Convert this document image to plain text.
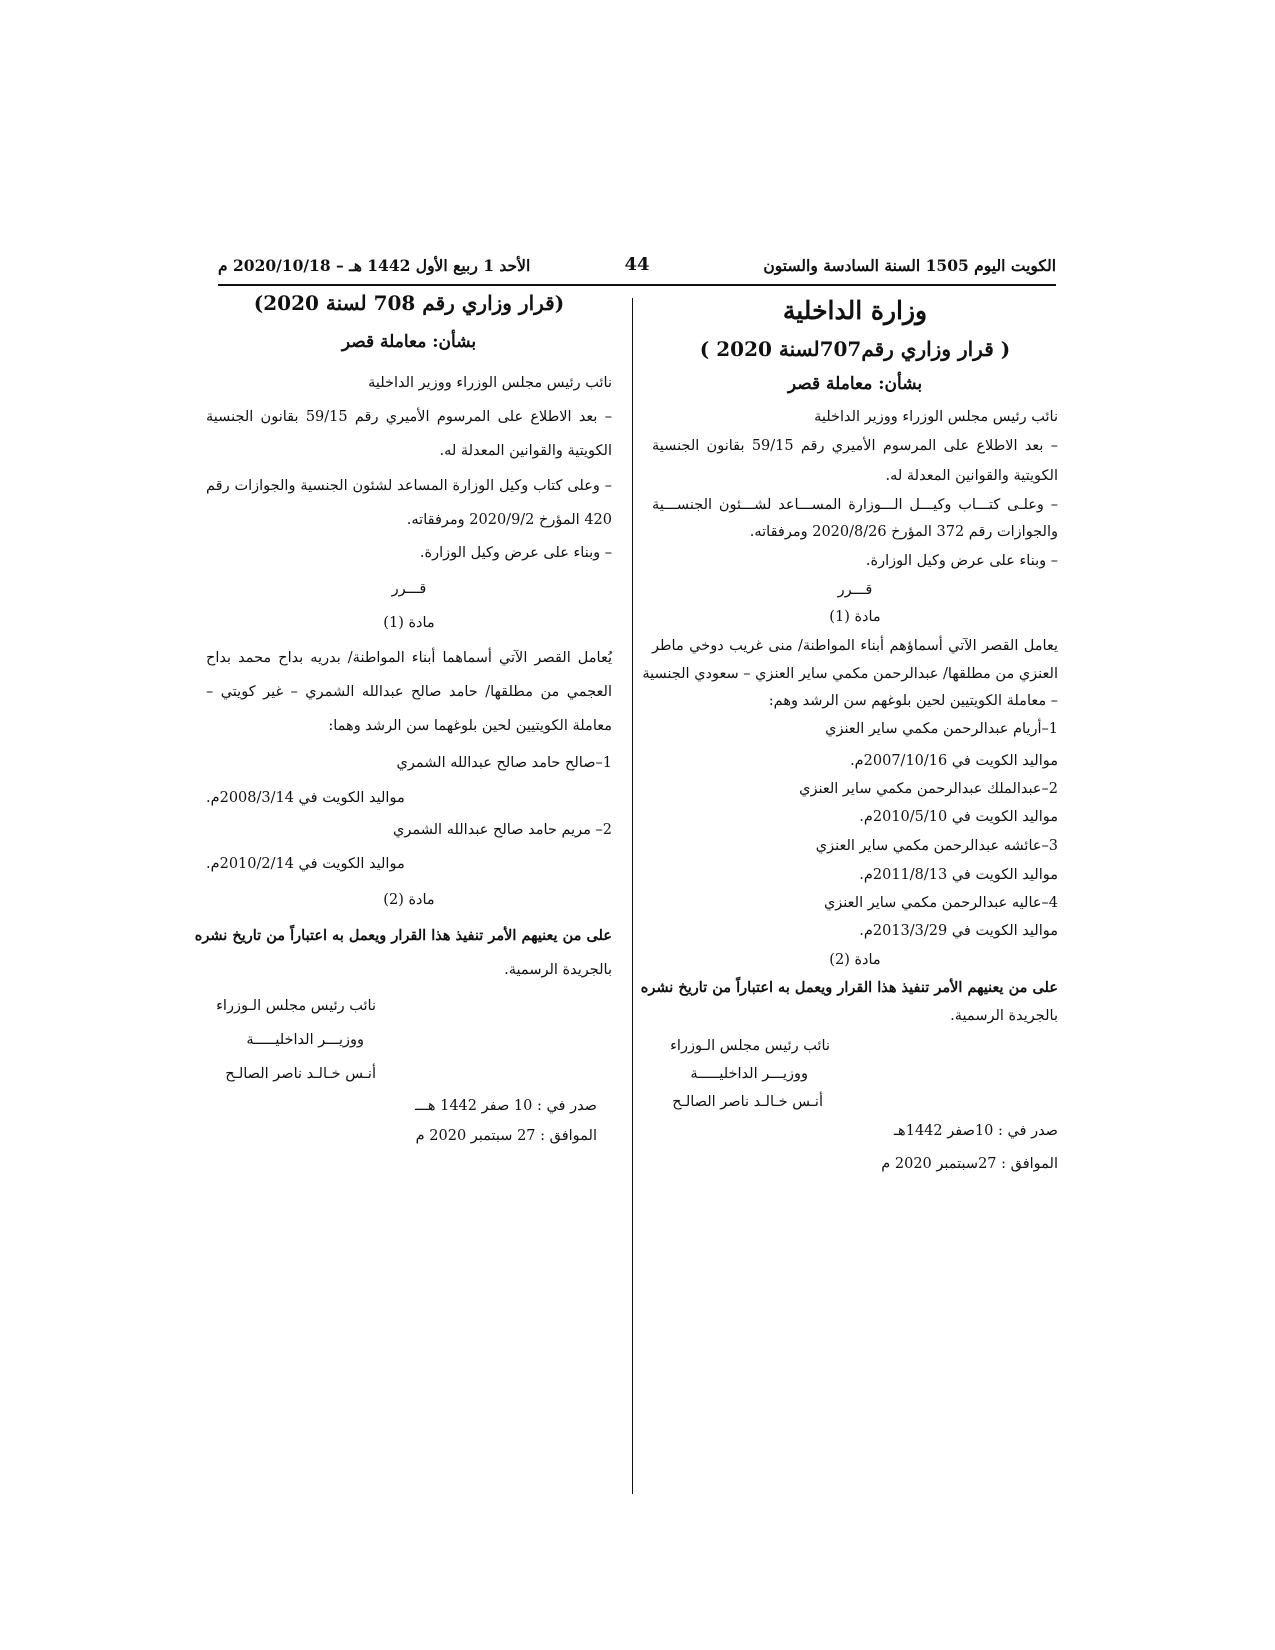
الكويت اليوم 1505 السنة السادسة والستون
44
الأحد 1 ربيع الأول 1442 هـ – 2020/10/18 م
وزارة الداخلية
( قرار وزاري رقم707لسنة 2020 )
بشأن: معاملة قصر
نائب رئيس مجلس الوزراء ووزير الداخلية
– بعد الاطلاع على المرسوم الأميري رقم 59/15 بقانون الجنسية
الكويتية والقوانين المعدلة له.
– وعلـى كتـــاب وكيـــل الـــوزارة المســـاعد لشـــئون الجنســـية
والجوازات رقم 372 المؤرخ 2020/8/26 ومرفقاته.
– وبناء على عرض وكيل الوزارة.
قـــرر
مادة (1)
يعامل القصر الآتي أسماؤهم أبناء المواطنة/ منى غريب دوخي ماطر
العنزي من مطلقها/ عبدالرحمن مكمي ساير العنزي – سعودي الجنسية
– معاملة الكويتيين لحين بلوغهم سن الرشد وهم:
1–أريام عبدالرحمن مكمي ساير العنزي
مواليد الكويت في 2007/10/16م.
2–عبدالملك عبدالرحمن مكمي ساير العنزي
مواليد الكويت في 2010/5/10م.
3–عائشه عبدالرحمن مكمي ساير العنزي
مواليد الكويت في 2011/8/13م.
4–عاليه عبدالرحمن مكمي ساير العنزي
مواليد الكويت في 2013/3/29م.
مادة (2)
على من يعنيهم الأمر تنفيذ هذا القرار ويعمل به اعتباراً من تاريخ نشره
بالجريدة الرسمية.
نائب رئيس مجلس الـوزراء
ووزيـــر الداخليـــــة
أنـس خـالـد ناصر الصالـح
صدر في : 10صفر 1442هـ
الموافق : 27سبتمبر 2020 م
(قرار وزاري رقم 708 لسنة 2020)
بشأن: معاملة قصر
نائب رئيس مجلس الوزراء ووزير الداخلية
– بعد الاطلاع على المرسوم الأميري رقم 59/15 بقانون الجنسية
الكويتية والقوانين المعدلة له.
– وعلى كتاب وكيل الوزارة المساعد لشئون الجنسية والجوازات رقم
420 المؤرخ 2020/9/2 ومرفقاته.
– وبناء على عرض وكيل الوزارة.
قـــرر
مادة (1)
يُعامل القصر الآتي أسماهما أبناء المواطنة/ بدريه بداح محمد بداح
العجمي من مطلقها/ حامد صالح عبدالله الشمري – غير كويتي –
معاملة الكويتيين لحين بلوغهما سن الرشد وهما:
1–صالح حامد صالح عبدالله الشمري
مواليد الكويت في 2008/3/14م.
2– مريم حامد صالح عبدالله الشمري
مواليد الكويت في 2010/2/14م.
مادة (2)
على من يعنيهم الأمر تنفيذ هذا القرار ويعمل به اعتباراً من تاريخ نشره
بالجريدة الرسمية.
نائب رئيس مجلس الـوزراء
ووزيـــر الداخليـــــة
أنـس خـالـد ناصر الصالـح
صدر في : 10 صفر 1442 هـــ
الموافق : 27 سبتمبر 2020 م
